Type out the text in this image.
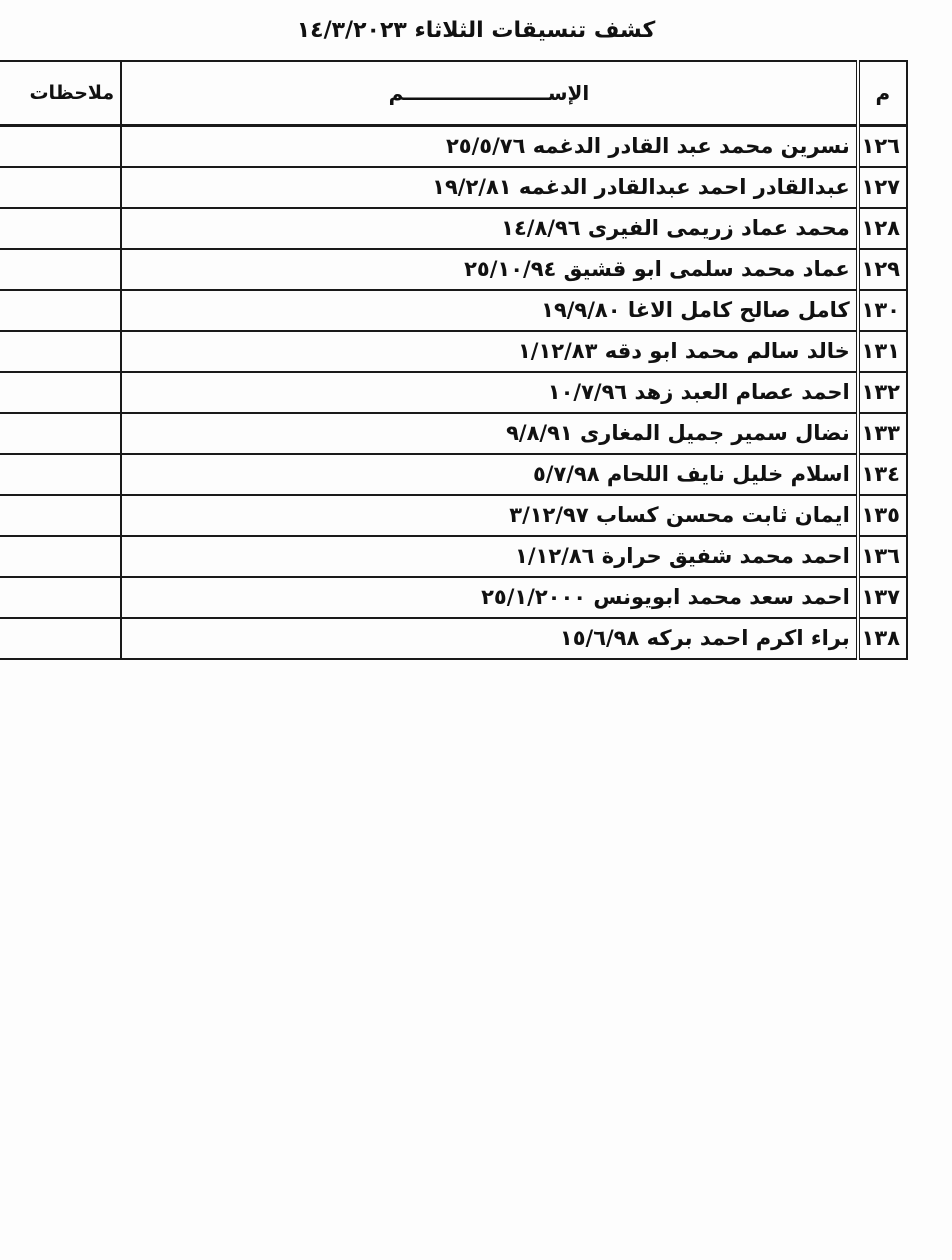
كشف تنسيقات الثلاثاء ١٤/٣/٢٠٢٣
م	الإســـــــــــــــــــــم	ملاحظات
١٢٦	نسرين محمد عبد القادر الدغمه ٢٥/٥/٧٦	
١٢٧	عبدالقادر احمد عبدالقادر الدغمه ١٩/٢/٨١	
١٢٨	محمد عماد زريمى الفيرى ١٤/٨/٩٦	
١٢٩	عماد محمد سلمى ابو قشيق ٢٥/١٠/٩٤	
١٣٠	كامل صالح كامل الاغا ١٩/٩/٨٠	
١٣١	خالد سالم محمد ابو دقه ١/١٢/٨٣	
١٣٢	احمد عصام العبد زهد ١٠/٧/٩٦	
١٣٣	نضال سمير جميل المغارى ٩/٨/٩١	
١٣٤	اسلام خليل نايف اللحام ٥/٧/٩٨	
١٣٥	ايمان ثابت محسن كساب ٣/١٢/٩٧	
١٣٦	احمد محمد شفيق حرارة ١/١٢/٨٦	
١٣٧	احمد سعد محمد ابويونس ٢٥/١/٢٠٠٠	
١٣٨	براء اكرم احمد بركه ١٥/٦/٩٨	
